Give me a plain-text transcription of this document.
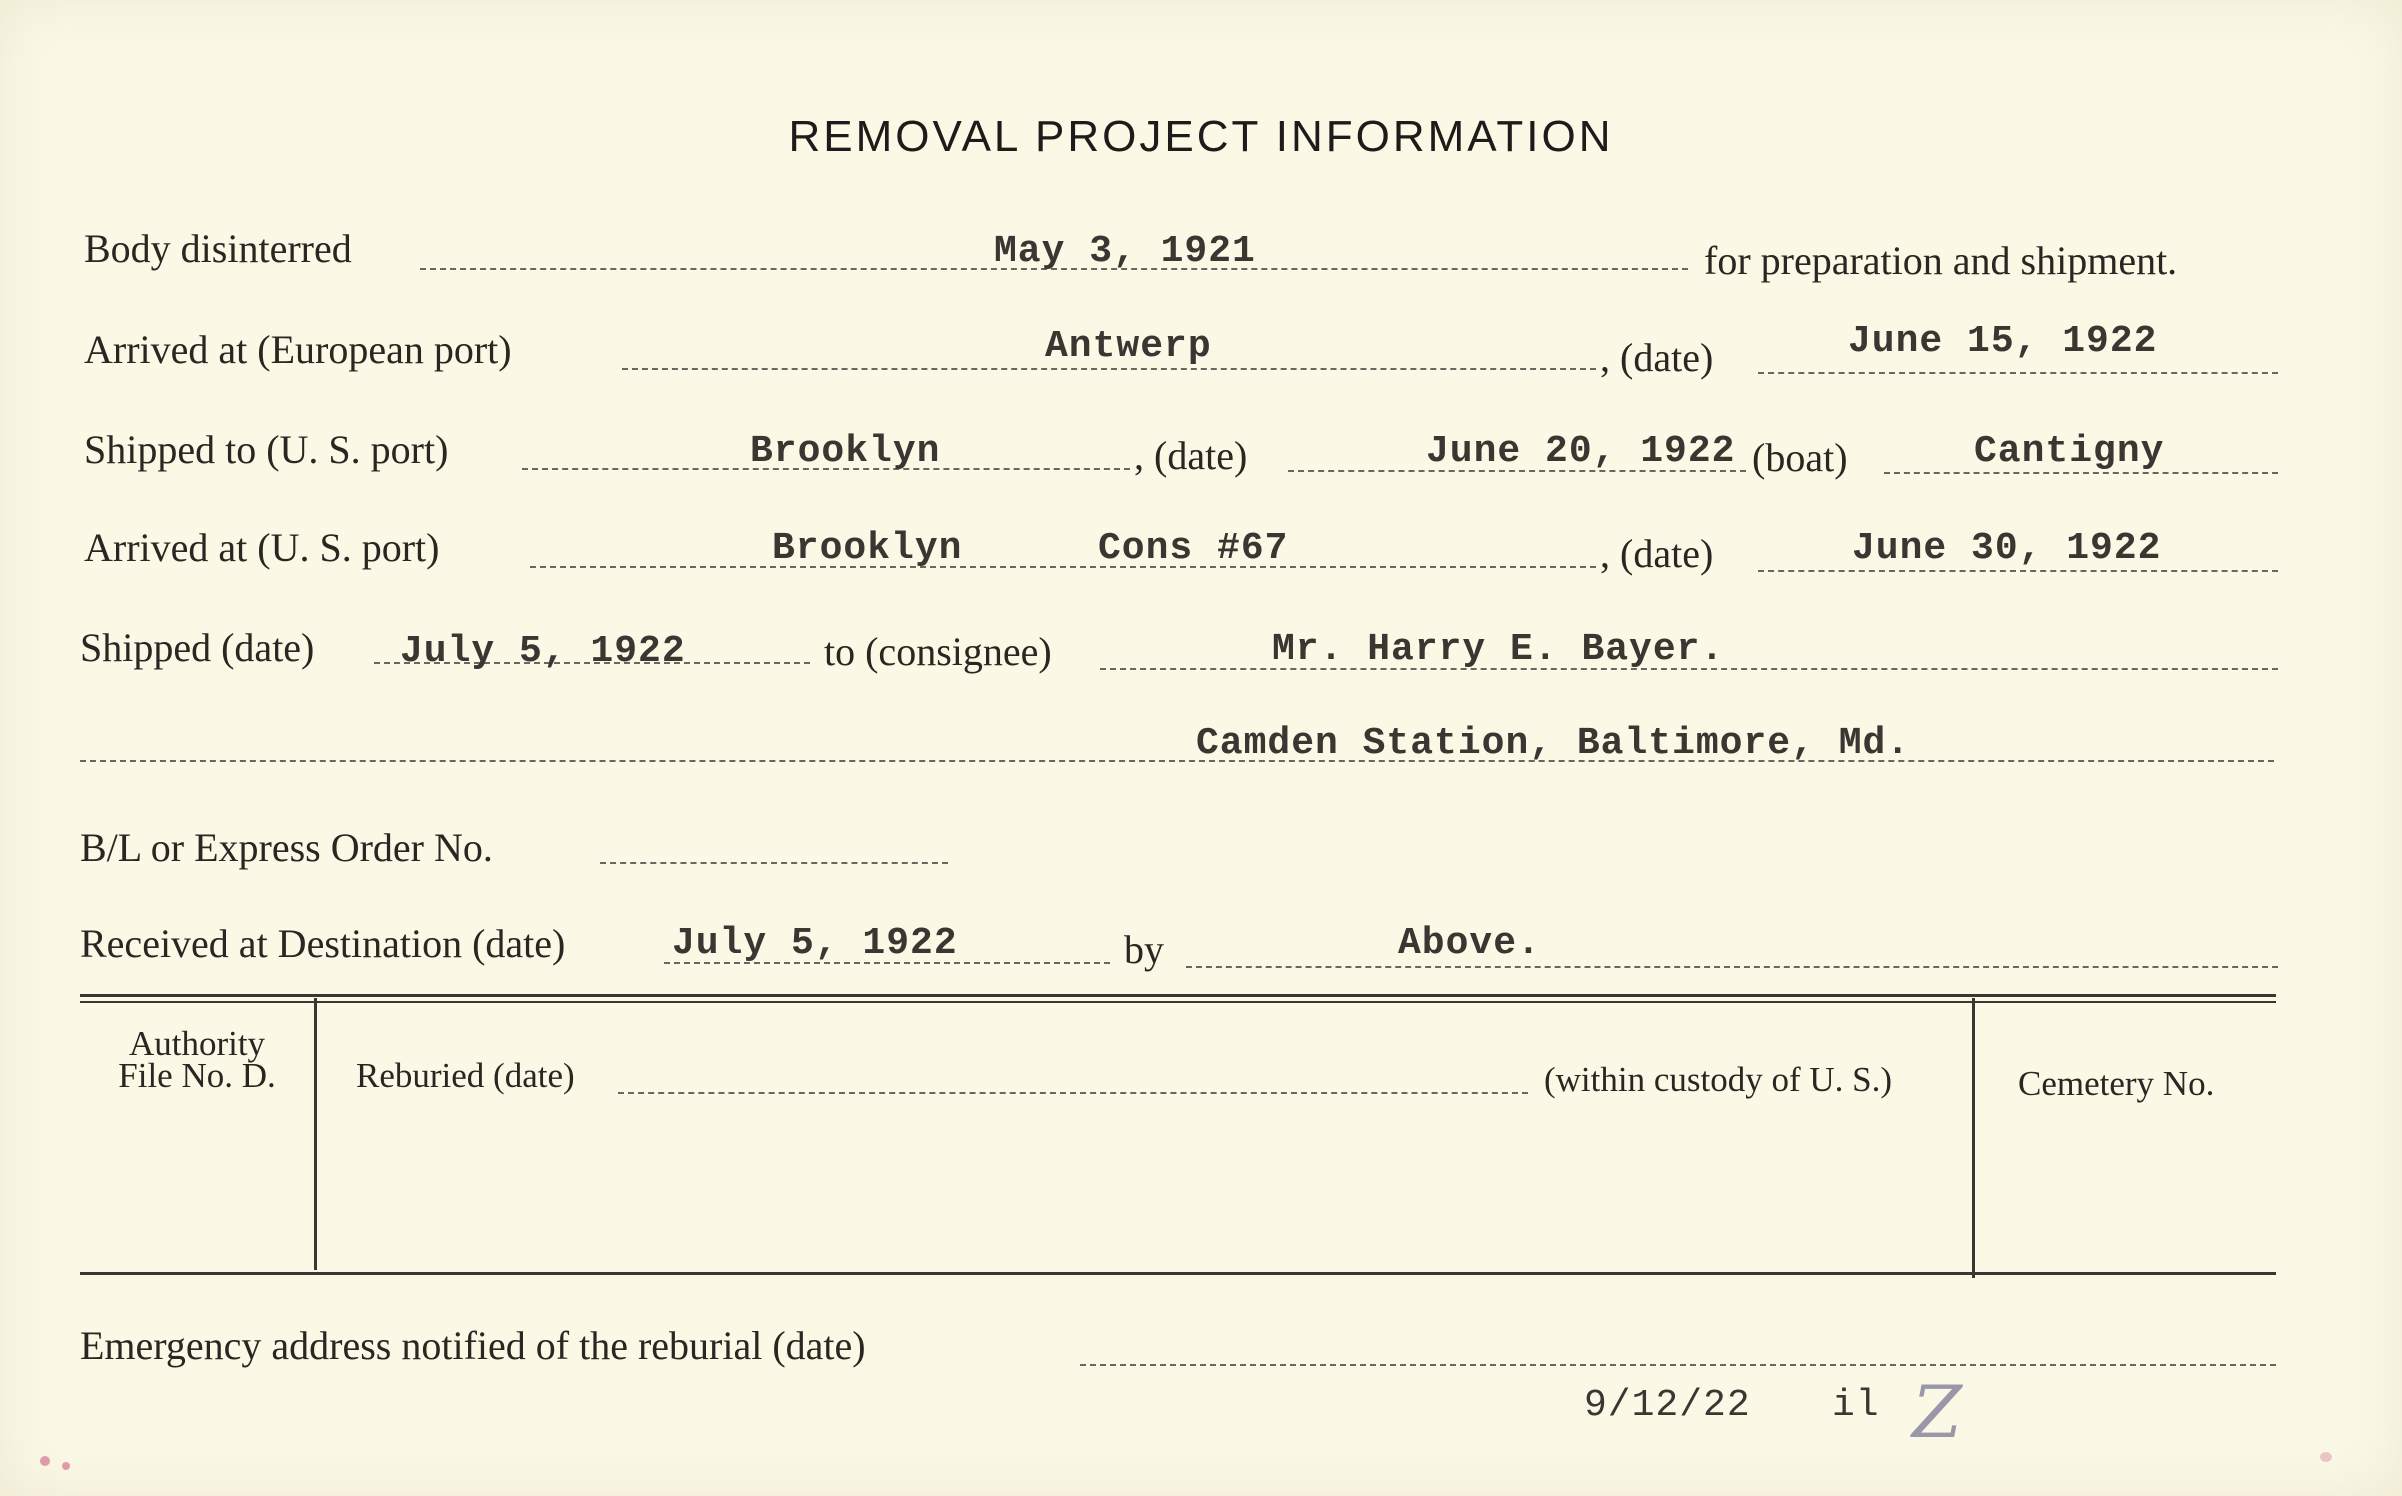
REMOVAL PROJECT INFORMATION
Body disinterred	May 3, 1921	for preparation and shipment.
Arrived at (European port)	Antwerp	, (date)	June 15, 1922
Shipped to (U. S. port)	Brooklyn	, (date)	June 20, 1922 (boat)	Cantigny
Arrived at (U. S. port)	Brooklyn	Cons #67	, (date)	June 30, 1922
Shipped (date) July 5, 1922	to (consignee)	Mr. Harry E. Bayer.
Camden Station, Baltimore, Md.
B/L or Express Order No.
Received at Destination (date)	July 5, 1922	by	Above.
Authority
File No. D.	Reburied (date)	(within custody of U. S.)	Cemetery No.
Emergency address notified of the reburial (date)
9/12/22 il Z
